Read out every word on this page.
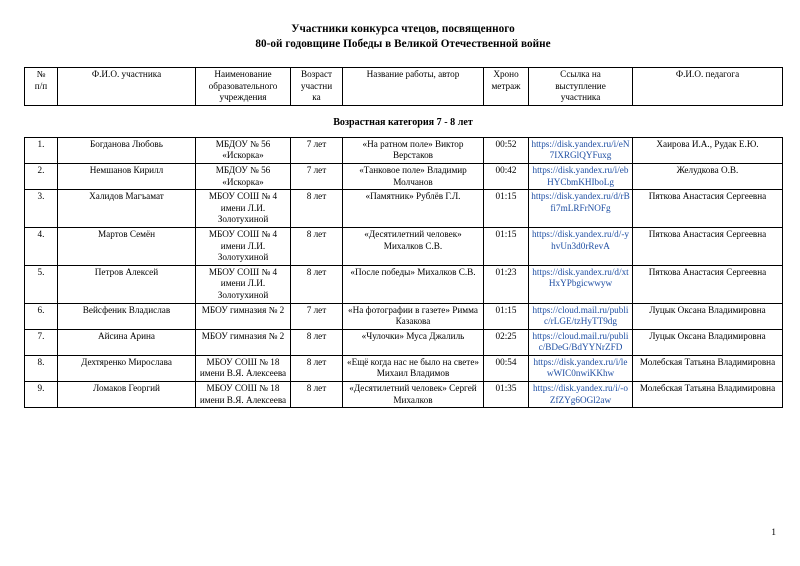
Участники конкурса чтецов, посвященного
80-ой годовщине Победы в Великой Отечественной войне
№
п/п	Ф.И.О. участника	Наименование
образовательного
учреждения	Возраст
участни
ка	Название работы, автор	Хроно
метраж	Ссылка на
выступление
участника	Ф.И.О. педагога
Возрастная категория 7 - 8 лет
1.	Богданова Любовь	МБДОУ № 56 «Искорка»	7 лет	«На ратном поле» Виктор Верстаков	00:52	https://disk.yandex.ru/i/eN7IXRGlQYFuxg	Хаирова И.А., Рудак Е.Ю.
2.	Немшанов Кирилл	МБДОУ № 56 «Искорка»	7 лет	«Танковое поле» Владимир Молчанов	00:42	https://disk.yandex.ru/i/ebHYCbmKHIboLg	Желудкова О.В.
3.	Халидов Магъамат	МБОУ СОШ № 4 имени Л.И. Золотухиной	8 лет	«Памятник» Рублёв Г.Л.	01:15	https://disk.yandex.ru/d/rBfi7mLRFrNOFg	Пяткова Анастасия Сергеевна
4.	Мартов Семён	МБОУ СОШ № 4 имени Л.И. Золотухиной	8 лет	«Десятилетний человек» Михалков С.В.	01:15	https://disk.yandex.ru/d/-yhvUn3d0rRevA	Пяткова Анастасия Сергеевна
5.	Петров Алексей	МБОУ СОШ № 4 имени Л.И. Золотухиной	8 лет	«После победы» Михалков С.В.	01:23	https://disk.yandex.ru/d/xtHxYPbgicwwyw	Пяткова Анастасия Сергеевна
6.	Вейсфеник Владислав	МБОУ гимназия № 2	7 лет	«На фотографии в газете» Римма Казакова	01:15	https://cloud.mail.ru/public/rLGE/tzHyTT9dg	Луцык Оксана Владимировна
7.	Айсина Арина	МБОУ гимназия № 2	8 лет	«Чулочки» Муса Джалиль	02:25	https://cloud.mail.ru/public/BDeG/BdYYNrZFD	Луцык Оксана Владимировна
8.	Дехтяренко Мирослава	МБОУ СОШ № 18 имени В.Я. Алексеева	8 лет	«Ещё когда нас не было на свете» Михаил Владимов	00:54	https://disk.yandex.ru/i/lewWIC0nwiKKhw	Молебская Татьяна Владимировна
9.	Ломаков Георгий	МБОУ СОШ № 18 имени В.Я. Алексеева	8 лет	«Десятилетний человек» Сергей Михалков	01:35	https://disk.yandex.ru/i/-oZfZYg6OGl2aw	Молебская Татьяна Владимировна
1
